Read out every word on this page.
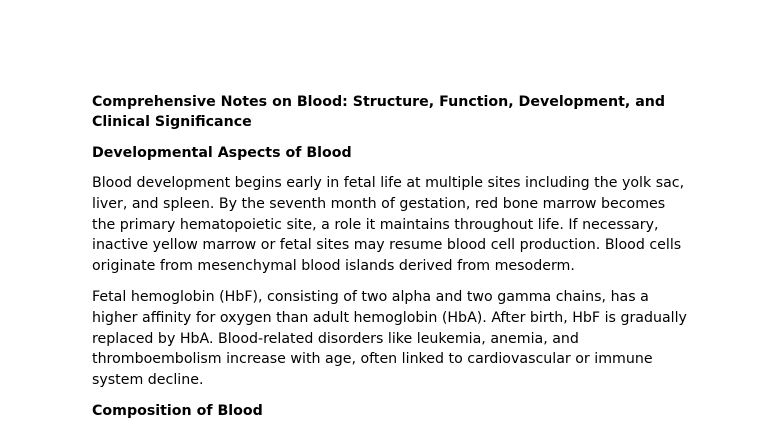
Comprehensive Notes on Blood: Structure, Function, Development, and Clinical Significance
Developmental Aspects of Blood

Blood development begins early in fetal life at multiple sites including the yolk sac, liver, and spleen. By the seventh month of gestation, red bone marrow becomes the primary hematopoietic site, a role it maintains throughout life. If necessary, inactive yellow marrow or fetal sites may resume blood cell production. Blood cells originate from mesenchymal blood islands derived from mesoderm.

Fetal hemoglobin (HbF), consisting of two alpha and two gamma chains, has a higher affinity for oxygen than adult hemoglobin (HbA). After birth, HbF is gradually replaced by HbA. Blood-related disorders like leukemia, anemia, and thromboembolism increase with age, often linked to cardiovascular or immune system decline.

Composition of Blood
